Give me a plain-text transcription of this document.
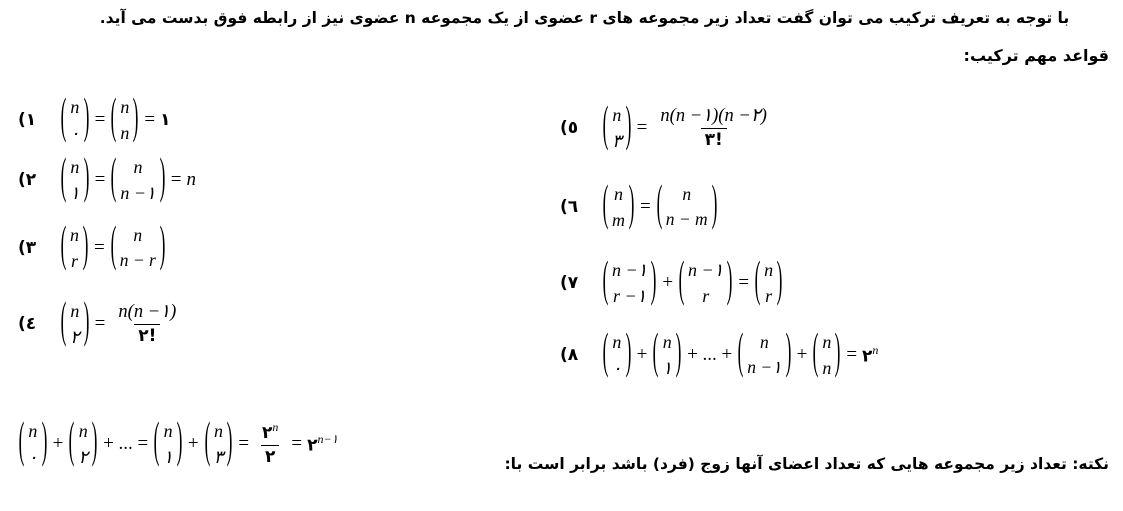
با توجه به تعریف ترکیب می توان گفت تعداد زیر مجموعه های r عضوی از یک مجموعه n عضوی نیز از رابطه فوق بدست می آید.
قواعد مهم ترکیب:
١)	( n
٠ ) = ( n
n ) = ١
٢)	( n
١ ) = ( n
n −١ ) = n
٣)	( n
r ) = ( n
n − r )
٤)	( n
٢ ) = $\frac{n(n -١)}{٢!}$
٥)	( n
٣ ) = $\frac{n(n -١)(n -٢)}{٣!}$
٦)	( n
m ) = ( n
n − m )
٧)	( n −١
r −١ ) + ( n −١
r ) = ( n
r )
٨)	( n
٠ ) + ( n
١ ) + ... + ( n
n −١ ) + ( n
n ) = $٢^n$
( n
٠ ) + ( n
٢ ) + ... = ( n
١ ) + ( n
٣ ) = $\frac{٢^n}{٢}$ = $٢^{n-١}$
نکته: تعداد زیر مجموعه هایی که تعداد اعضای آنها زوج (فرد) باشد برابر است با:
